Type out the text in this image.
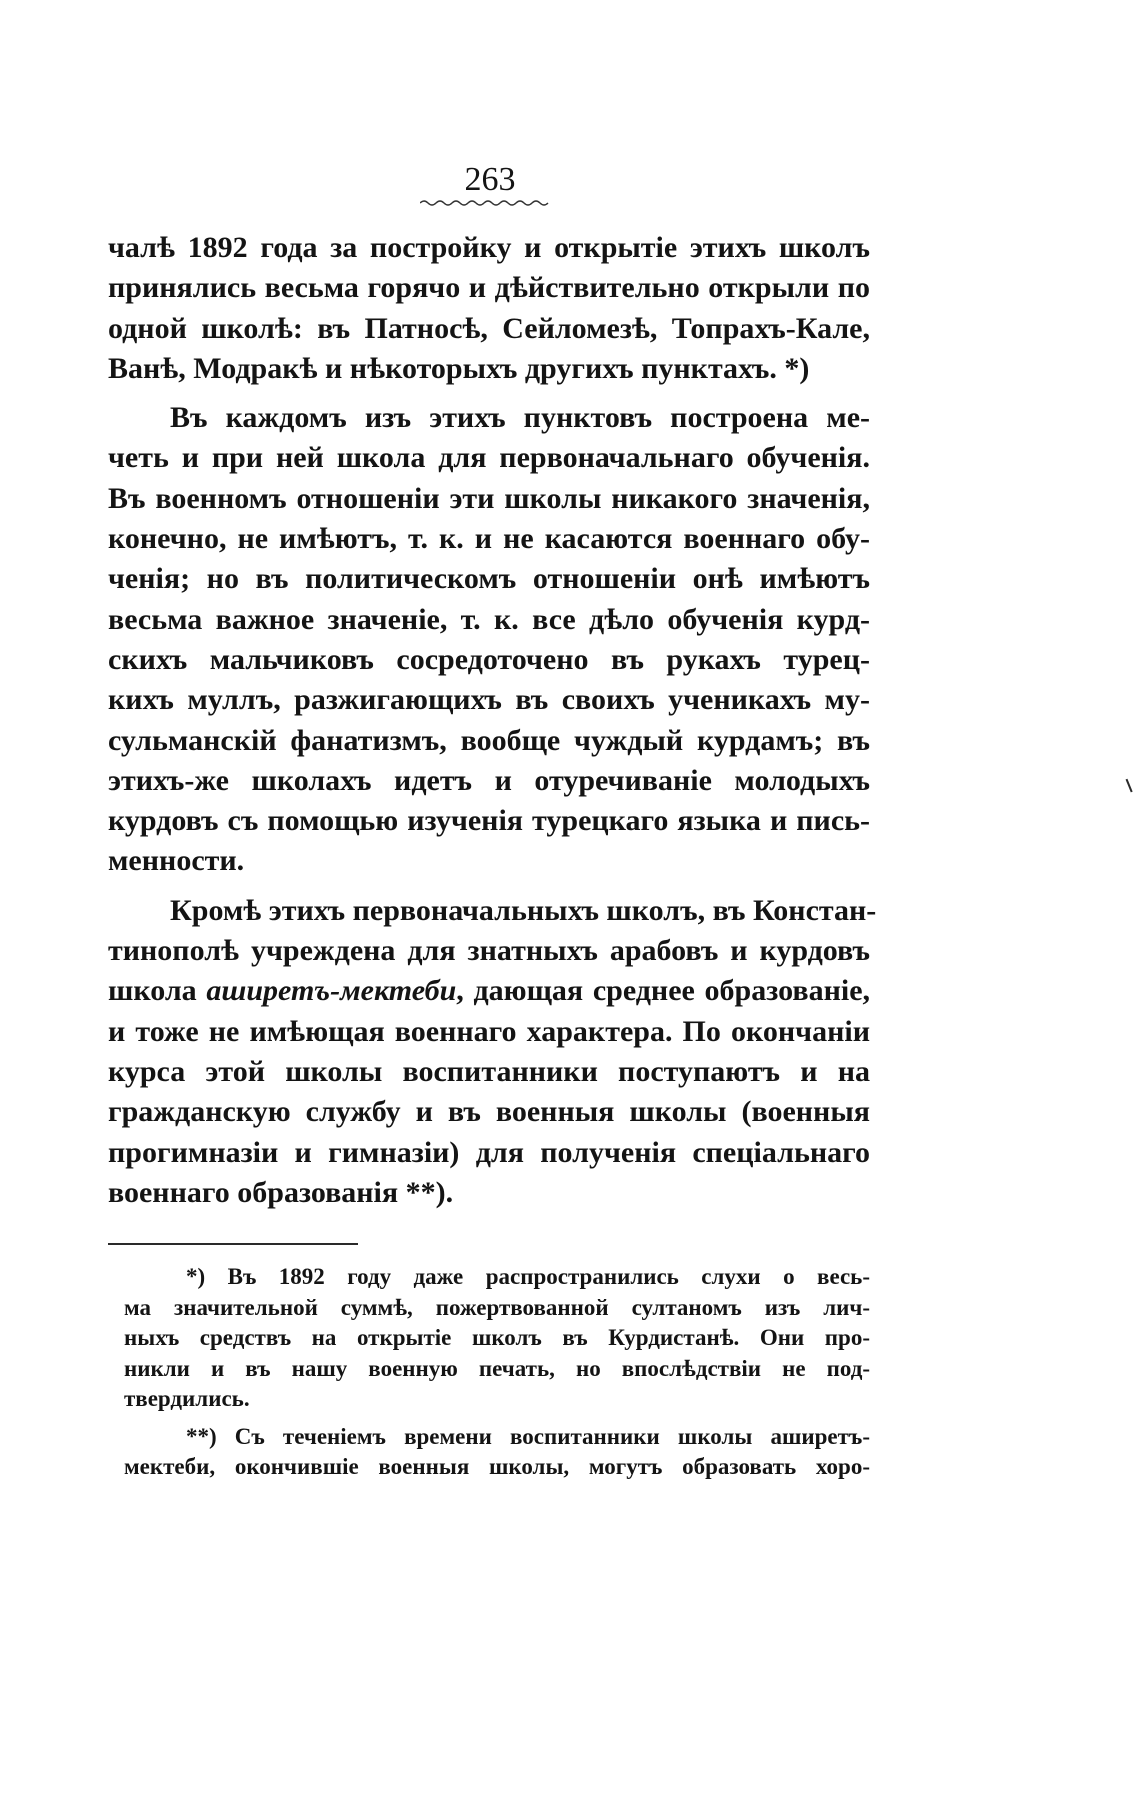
263

чалѣ 1892 года за постройку и открытіе этихъ школъ
принялись весьма горячо и дѣйствительно открыли по
одной школѣ: въ Патносѣ, Сейломезѣ, Топрахъ-Кале,
Ванѣ, Модракѣ и нѣкоторыхъ другихъ пунктахъ. *)

Въ каждомъ изъ этихъ пунктовъ построена ме-
четь и при ней школа для первоначальнаго обученія.
Въ военномъ отношеніи эти школы никакого значенія,
конечно, не имѣютъ, т. к. и не касаются военнаго обу-
ченія; но въ политическомъ отношеніи онѣ имѣютъ
весьма важное значеніе, т. к. все дѣло обученія курд-
скихъ мальчиковъ сосредоточено въ рукахъ турец-
кихъ муллъ, разжигающихъ въ своихъ ученикахъ му-
сульманскій фанатизмъ, вообще чуждый курдамъ; въ
этихъ-же школахъ идетъ и отуречиваніе молодыхъ
курдовъ съ помощью изученія турецкаго языка и пись-
менности.

Кромѣ этихъ первоначальныхъ школъ, въ Констан-
тинополѣ учреждена для знатныхъ арабовъ и курдовъ
школа аширетъ-мектеби, дающая среднее образованіе,
и тоже не имѣющая военнаго характера. По окончаніи
курса этой школы воспитанники поступаютъ и на
гражданскую службу и въ военныя школы (военныя
прогимназіи и гимназіи) для полученія спеціальнаго
военнаго образованія **).

*) Въ 1892 году даже распространились слухи о весь-
ма значительной суммѣ, пожертвованной султаномъ изъ лич-
ныхъ средствъ на открытіе школъ въ Курдистанѣ. Они про-
никли и въ нашу военную печать, но впослѣдствіи не под-
твердились.
**) Съ теченіемъ времени воспитанники школы аширетъ-
мектеби, окончившіе военныя школы, могутъ образовать хоро-
